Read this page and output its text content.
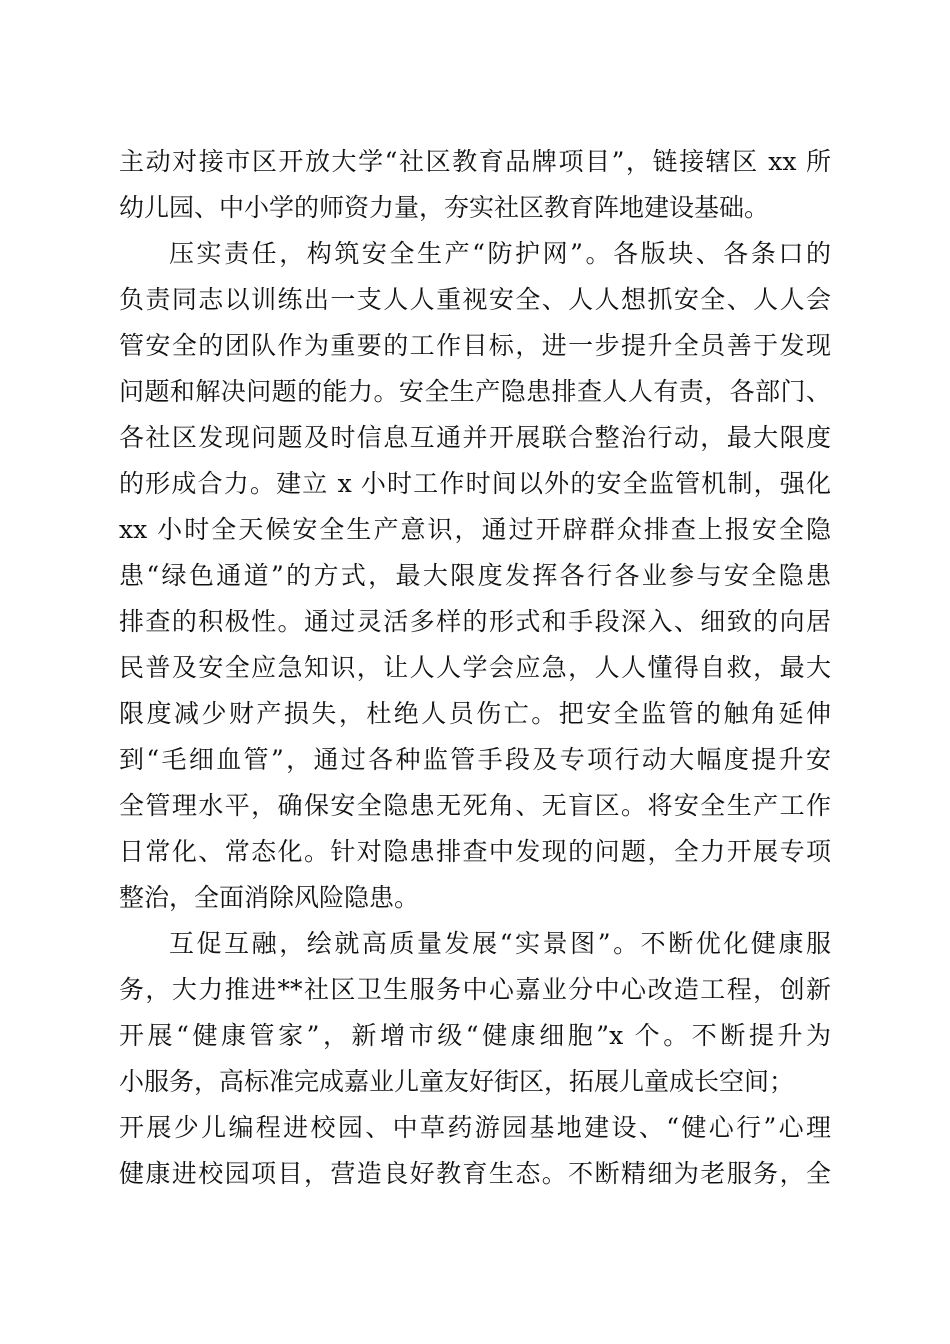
主动对接市区开放大学“社区教育品牌项目”，链接辖区 xx 所
幼儿园、中小学的师资力量，夯实社区教育阵地建设基础。
压实责任，构筑安全生产“防护网”。各版块、各条口的
负责同志以训练出一支人人重视安全、人人想抓安全、人人会
管安全的团队作为重要的工作目标，进一步提升全员善于发现
问题和解决问题的能力。安全生产隐患排查人人有责，各部门、
各社区发现问题及时信息互通并开展联合整治行动，最大限度
的形成合力。建立 x 小时工作时间以外的安全监管机制，强化
xx 小时全天候安全生产意识，通过开辟群众排查上报安全隐
患“绿色通道”的方式，最大限度发挥各行各业参与安全隐患
排查的积极性。通过灵活多样的形式和手段深入、细致的向居
民普及安全应急知识，让人人学会应急，人人懂得自救，最大
限度减少财产损失，杜绝人员伤亡。把安全监管的触角延伸
到“毛细血管”，通过各种监管手段及专项行动大幅度提升安
全管理水平，确保安全隐患无死角、无盲区。将安全生产工作
日常化、常态化。针对隐患排查中发现的问题，全力开展专项
整治，全面消除风险隐患。
互促互融，绘就高质量发展“实景图”。不断优化健康服
务，大力推进**社区卫生服务中心嘉业分中心改造工程，创新
开展“健康管家”，新增市级“健康细胞”x 个。不断提升为
小服务，高标准完成嘉业儿童友好街区，拓展儿童成长空间；
开展少儿编程进校园、中草药游园基地建设、“健心行”心理
健康进校园项目，营造良好教育生态。不断精细为老服务，全
